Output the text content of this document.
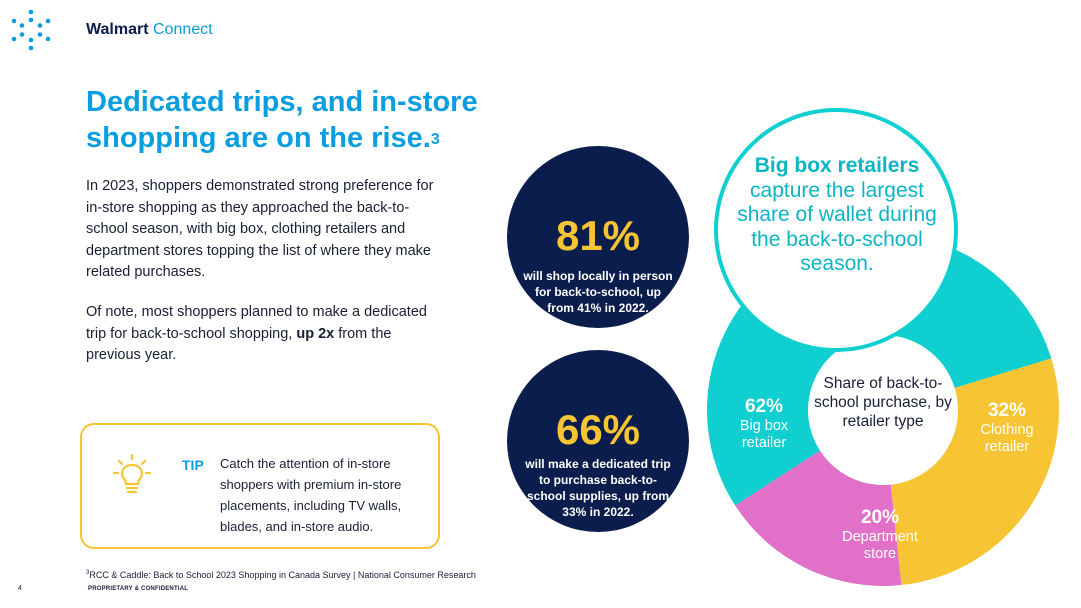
Walmart Connect
Dedicated trips, and in-store shopping are on the rise.$^3$
In 2023, shoppers demonstrated strong preference for in-store shopping as they approached the back-to-school season, with big box, clothing retailers and department stores topping the list of where they make related purchases.
Of note, most shoppers planned to make a dedicated trip for back-to-school shopping, up 2x from the previous year.
TIP Catch the attention of in-store shoppers with premium in-store placements, including TV walls, blades, and in-store audio.
81%
will shop locally in person for back-to-school, up from 41% in 2022.
66%
will make a dedicated trip to purchase back-to-school supplies, up from 33% in 2022.
Big box retailers capture the largest share of wallet during the back-to-school season.
Share of back-to-school purchase, by retailer type
62%
Big box retailer
32%
Clothing retailer
20%
Department store
$^3$RCC & Caddle: Back to School 2023 Shopping in Canada Survey | National Consumer Research
4	PROPRIETARY & CONFIDENTIAL
